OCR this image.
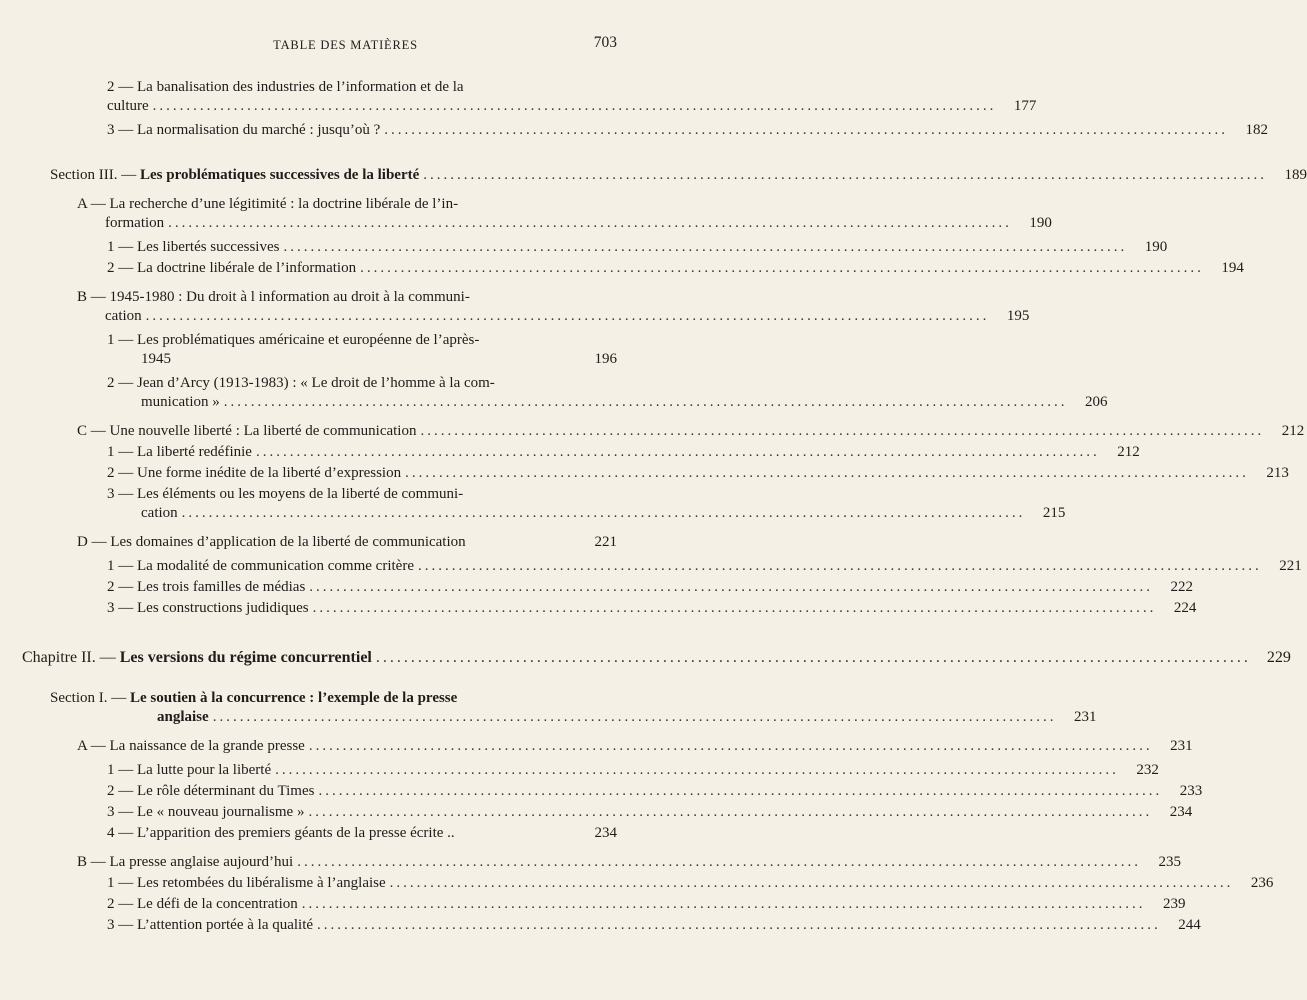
TABLE DES MATIÈRES	703
2 — La banalisation des industries de l’information et de la
culture .............................................................................................................................	177
3 — La normalisation du marché : jusqu’où ? .............................................................................................................................	182
Section III. — Les problématiques successives de la liberté .............................................................................................................................	189
A — La recherche d’une légitimité : la doctrine libérale de l’in-
formation .............................................................................................................................	190
1 — Les libertés successives .............................................................................................................................	190
2 — La doctrine libérale de l’information .............................................................................................................................	194
B — 1945-1980 : Du droit à l information au droit à la communi-
cation .............................................................................................................................	195
1 — Les problématiques américaine et européenne de l’après-
1945	196
2 — Jean d’Arcy (1913-1983) : « Le droit de l’homme à la com-
munication » .............................................................................................................................	206
C — Une nouvelle liberté : La liberté de communication .............................................................................................................................	212
1 — La liberté redéfinie .............................................................................................................................	212
2 — Une forme inédite de la liberté d’expression .............................................................................................................................	213
3 — Les éléments ou les moyens de la liberté de communi-
cation .............................................................................................................................	215
D — Les domaines d’application de la liberté de communication	221
1 — La modalité de communication comme critère .............................................................................................................................	221
2 — Les trois familles de médias .............................................................................................................................	222
3 — Les constructions judidiques .............................................................................................................................	224
Chapitre II. — Les versions du régime concurrentiel .............................................................................................................................	229
Section I. — Le soutien à la concurrence : l’exemple de la presse
anglaise .............................................................................................................................	231
A — La naissance de la grande presse .............................................................................................................................	231
1 — La lutte pour la liberté .............................................................................................................................	232
2 — Le rôle déterminant du Times .............................................................................................................................	233
3 — Le « nouveau journalisme » .............................................................................................................................	234
4 — L’apparition des premiers géants de la presse écrite ..	234
B — La presse anglaise aujourd’hui .............................................................................................................................	235
1 — Les retombées du libéralisme à l’anglaise .............................................................................................................................	236
2 — Le défi de la concentration .............................................................................................................................	239
3 — L’attention portée à la qualité .............................................................................................................................	244
